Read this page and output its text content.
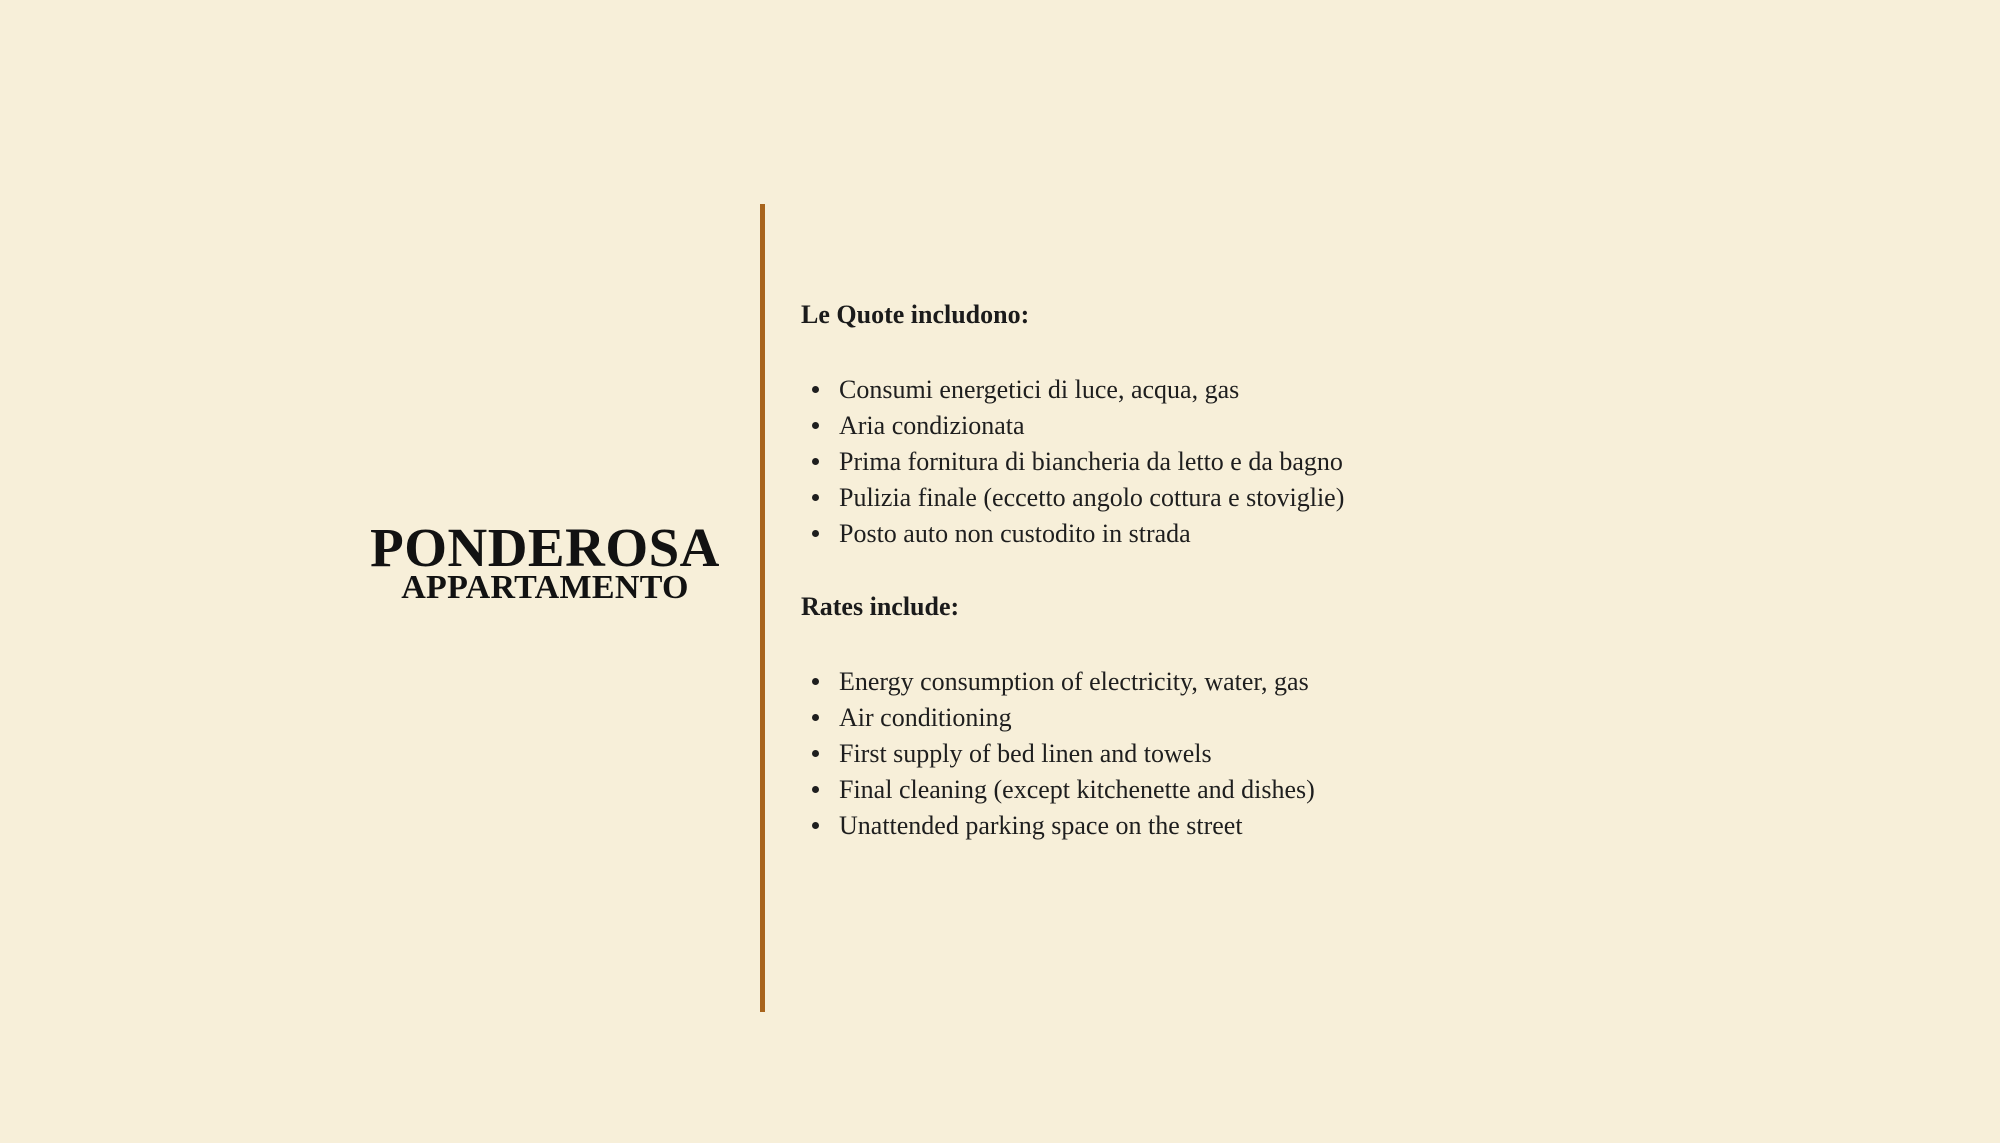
PONDEROSA
APPARTAMENTO

Le Quote includono:

Consumi energetici di luce, acqua, gas
Aria condizionata
Prima fornitura di biancheria da letto e da bagno
Pulizia finale (eccetto angolo cottura e stoviglie)
Posto auto non custodito in strada

Rates include:

Energy consumption of electricity, water, gas
Air conditioning
First supply of bed linen and towels
Final cleaning (except kitchenette and dishes)
Unattended parking space on the street
